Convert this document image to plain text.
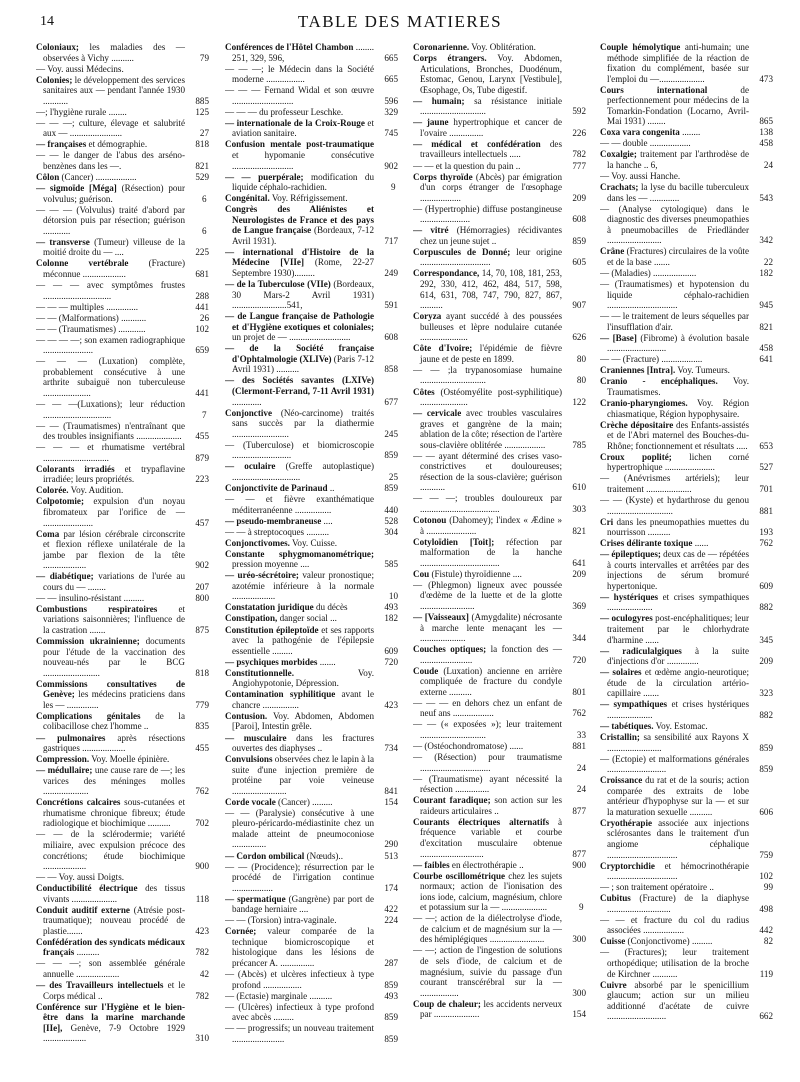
14	TABLE DES MATIERES
Coloniaux; les maladies des — observées à Vichy ..........	79
— Voy. aussi Médecins.
Colonies; le développement des services sanitaires aux — pendant l'année 1930 ...........	885
—; l'hygiène rurale ........	125
— — —; culture, élevage et salubrité aux — .......................	27
— françaises et démographie.	818
— — le danger de l'abus des arséno-benzènes dans les —.	821
Côlon (Cancer) ..................	529
— sigmoïde [Méga] (Résection) pour volvulus; guérison.	6
— — — (Volvulus) traité d'abord par détorsion puis par résection; guérison ............	6
— transverse (Tumeur) villeuse de la moitié droite du — ....	225
Colonne vertébrale (Fracture) méconnue ...................	681
— — — avec symptômes frustes ..............................	288
— — — multiples ..............	441
— — (Malformations) ...........	26
— — (Traumatismes) ............	102
— — — —; son examen radiographique ......................	659
— — — (Luxation) complète, probablement consécutive à une arthrite subaiguë non tuberculeuse .....................	441
— — —(Luxations); leur réduction ..............................	7
— — (Traumatismes) n'entraînant que des troubles insignifiants .................... 455
— — — et rhumatisme vertébral .............................	879
Colorants irradiés et trypaflavine irradiée; leurs propriétés.	223
Colorée. Voy. Audition.
Colpotomie; expulsion d'un noyau fibromateux par l'orifice de — ......................	457
Coma par lésion cérébrale circonscrite et flexion réflexe unilatérale de la jambe par flexion de la tête ...................	902
— diabétique; variations de l'urée au cours du — ........	207
— — insulino-résistant .........	800
Combustions respiratoires et variations saisonnières; l'influence de la castration .......	875
Commission ukrainienne; documents pour l'étude de la vaccination des nouveau-nés par le BCG .........................	818
Commissions consultatives de Genève; les médecins praticiens dans les — ..............	779
Complications génitales de la colibacillose chez l'homme ..	835
— pulmonaires après résections gastriques ...................	455
Compression. Voy. Moelle épinière.
— médullaire; une cause rare de —; les varices des méninges molles ....................	762
Concrétions calcaires sous-cutanées et rhumatisme chronique fibreux; étude radiologique et biochimique ..........	702
— — de la sclérodermie; variété miliaire, avec expulsion précoce des concrétions; étude biochimique ...................	900
— — Voy. aussi Doigts.
Conductibilité électrique des tissus vivants ....................	118
Conduit auditif externe (Atrésie post-traumatique); nouveau procédé de plastie.......	423
Confédération des syndicats médicaux français ..........	782
— — —; son assemblée générale annuelle ...................	42
— des Travailleurs intellectuels et le Corps médical ..	782
Conférence sur l'Hygiène et le bien-être dans la marine marchande [IIe], Genève, 7-9 Octobre 1929 ...................	310
Conférences de l'Hôtel Chambon ........ 251, 329, 596,	665
— — —; le Médecin dans la Société moderne .................	665
— — — Fernand Widal et son œuvre ...........................	596
— — — du professeur Leschke.	329
— internationale de la Croix-Rouge et aviation sanitaire.	745
Confusion mentale post-traumatique et hypomanie consécutive ...........................	902
— — puerpérale; modification du liquide céphalo-rachidien.	9
Congénital. Voy. Réfrigissement.
Congrès des Aliénistes et Neurologistes de France et des pays de Langue française (Bordeaux, 7-12 Avril 1931).	717
— international d'Histoire de la Médecine [VIIe] (Rome, 22-27 Septembre 1930).........	249
— de la Tuberculose (VIIe) (Bordeaux, 30 Mars-2 Avril 1931) ........................541,	591
— de Langue française de Pathologie et d'Hygiène exotiques et coloniales; un projet de — ...........................	608
— de la Société française d'Ophtalmologie (XLIVe) (Paris 7-12 Avril 1931) ..........	858
— des Sociétés savantes (LXIVe) (Clermont-Ferrand, 7-11 Avril 1931) .............	677
Conjonctive (Néo-carcinome) traités sans succès par la diathermie .........................	245
— (Tuberculose) et biomicroscopie ..........................	859
— oculaire (Greffe autoplastique) ..............................	25
Conjonctivite de Parinaud ..	859
— — et fièvre exanthématique méditerranéenne ................	440
— pseudo-membraneuse ....	528
— — à streptocoques ..........	304
Conjonctivomes. Voy. Cuisse.
Constante sphygmomanométrique; pression moyenne ....	585
— uréo-sécrétoire; valeur pronostique; azotémie inférieure à la normale ...................	10
Constatation juridique du décès	493
Constipation, danger social ...	182
Constitution épileptoïde et ses rapports avec la pathogénie de l'épilepsie essentielle .........	609
— psychiques morbides .......	720
Constitutionnelle. Voy. Angiohypotonie, Dépression.
Contamination syphilitique avant le chancre ................	423
Contusion. Voy. Abdomen, Abdomen [Paroi], Intestin grêle.
— musculaire dans les fractures ouvertes des diaphyses ..	734
Convulsions observées chez le lapin à la suite d'une injection première de protéine par voie veineuse ........................	841
Corde vocale (Cancer) .........	154
— — (Paralysie) consécutive à une pleuro-péricardo-médiastinite chez un malade atteint de pneumoconiose ...............	290
— Cordon ombilical (Nœuds)..	513
— — (Procidence); résurrection par le procédé de l'irrigation continue ..................	174
— spermatique (Gangrène) par port de bandage herniaire ....	422
— — (Torsion) intra-vaginale.	224
Cornée; valeur comparée de la technique biomicroscopique et histologique dans les lésions de précancer A. ...............	287
— (Abcès) et ulcères infectieux à type profond .................	859
— (Ectasie) marginale ..........	493
— (Ulcères) infectieux à type profond avec abcès .........	859
— — progressifs; un nouveau traitement .......................	859
Coronarienne. Voy. Oblitération.
Corps étrangers. Voy. Abdomen, Articulations, Bronches, Duodénum, Estomac, Genou, Larynx [Vestibule], Œsophage, Os, Tube digestif.
— humain; sa résistance initiale .............................	592
— jaune hypertrophique et cancer de l'ovaire ...............	226
— médical et confédération des travailleurs intellectuels .....	782
— — et la question du pain ..	777
Corps thyroïde (Abcès) par émigration d'un corps étranger de l'œsophage ..................	209
— (Hypertrophie) diffuse postangineuse ......................	608
— vitré (Hémorragies) récidivantes chez un jeune sujet ..	859
Corpuscules de Donné; leur origine ...............................	605
Correspondance, 14, 70, 108, 181, 253, 292, 330, 412, 462, 484, 517, 598, 614, 631, 708, 747, 790, 827, 867, ..........	907
Coryza ayant succédé à des poussées bulleuses et lèpre nodulaire cutanée .....................	626
Côte d'Ivoire; l'épidémie de fièvre jaune et de peste en 1899.	80
— — ;la trypanosomiase humaine .............................	80
Côtes (Ostéomyélite post-syphilitique) .....................	122
— cervicale avec troubles vasculaires graves et gangrène de la main; ablation de la côte; résection de l'artère sous-clavière oblitérée ..................	785
— — ayant déterminé des crises vaso-constrictives et douloureuses; résection de la sous-clavière; guérison ...........	610
— — —; troubles douloureux par ...................................	303
Cotonou (Dahomey); l'index « Ædine » à ......................	821
Cotyloïdien [Toit]; réfection par malformation de la hanche ...................................	641
Cou (Fistule) thyroïdienne ....	209
— (Phlegmon) ligneux avec poussée d'œdème de la luette et de la glotte ........................	369
— [Vaisseaux] (Amygdalite) nécrosante à marche lente menaçant les — ....................	344
Couches optiques; la fonction des — .......................	720
Coude (Luxation) ancienne en arrière compliquée de fracture du condyle externe ..........	801
— — — en dehors chez un enfant de neuf ans ..................	762
— — (« exposées »); leur traitement .............................	33
— (Ostéochondromatose) ......	881
— (Résection) pour traumatisme ...............................	24
— (Traumatisme) ayant nécessité la résection ...............	24
Courant faradique; son action sur les raideurs articulaires ..	877
Courants électriques alternatifs à fréquence variable et courbe d'excitation musculaire obtenue ............................	877
— faibles en électrothérapie ..	900
Courbe oscillométrique chez les sujets normaux; action de l'ionisation des ions iode, calcium, magnésium, chlore et potassium sur la — ....................	9
— —; action de la diélectrolyse d'iode, de calcium et de magnésium sur la — des hémiplégiques ........................	300
— —; action de l'ingestion de solutions de sels d'iode, de calcium et de magnésium, suivie du passage d'un courant transcérébral sur la — .................	300
Coup de chaleur; les accidents nerveux par ....................	154
Couple hémolytique anti-humain; une méthode simplifiée de la réaction de fixation du complément, basée sur l'emploi du —....................	473
Cours international de perfectionnement pour médecins de la Tomarkin-Fondation (Locarno, Avril-Mai 1931) ........	865
Coxa vara congenita ........	138
— — double ..................	458
Coxalgie; traitement par l'arthrodèse de la hanche .. 6,	24
— Voy. aussi Hanche.
Crachats; la lyse du bacille tuberculeux dans les — .............	543
— (Analyse cytologique) dans le diagnostic des diverses pneumopathies à pneumobacilles de Friedländer ........................	342
Crâne (Fractures) circulaires de la voûte et de la base .......	22
— (Maladies) ...................	182
— (Traumatismes) et hypotension du liquide céphalo-rachidien ...............................	945
— — le traitement de leurs séquelles par l'insufflation d'air.	821
— [Base] (Fibrome) à évolution basale ..........................	458
— — (Fracture) ..................	641
Craniennes [Intra]. Voy. Tumeurs.
Cranio - encéphaliques. Voy. Traumatismes.
Cranio-pharyngiomes. Voy. Région chiasmatique, Région hypophysaire.
Crèche dépositaire des Enfants-assistés et de l'Abri maternel des Bouches-du-Rhône; fonctionnement et résultats ..... 653
Croux poplité; lichen corné hypertrophique ......................	527
— (Anévrismes artériels); leur traitement ....................	701
— — (Kyste) et hydarthrose du genou .............................	881
Cri dans les pneumopathies muettes du nourrisson ..........	193
Crises délirante toxique ......	762
— épileptiques; deux cas de — répétées à courts intervalles et arrêtées par des injections de sérum bromuré hypertonique.	609
— hystériques et crises sympathiques ....................	882
— oculogyres post-encéphalitiques; leur traitement par le chlorhydrate d'harmine ......	345
— radiculalgiques à la suite d'injections d'or ..............	209
— solaires et œdème angio-neurotique; étude de la circulation artério-capillaire .......	323
— sympathiques et crises hystériques ....................	882
— tabétiques. Voy. Estomac.
Cristallin; sa sensibilité aux Rayons X ........................	859
— (Ectopie) et malformations générales ..........................	859
Croissance du rat et de la souris; action comparée des extraits de lobe antérieur d'hypophyse sur la — et sur la maturation sexuelle ..........	606
Cryothérapie associée aux injections sclérosantes dans le traitement d'un angiome céphalique ...............................	759
Cryptorchidie et hémocrinothérapie ...............................	102
— ; son traitement opératoire ..	99
Cubitus (Fracture) de la diaphyse ............................	498
— — et fracture du col du radius associées ..................	442
Cuisse (Conjonctivome) .........	82
— (Fractures); leur traitement orthopédique; utilisation de la broche de Kirchner ...........	119
Cuivre absorbé par le spenicillium glaucum; action sur un milieu additionné d'acétate de cuivre ..........................	662
